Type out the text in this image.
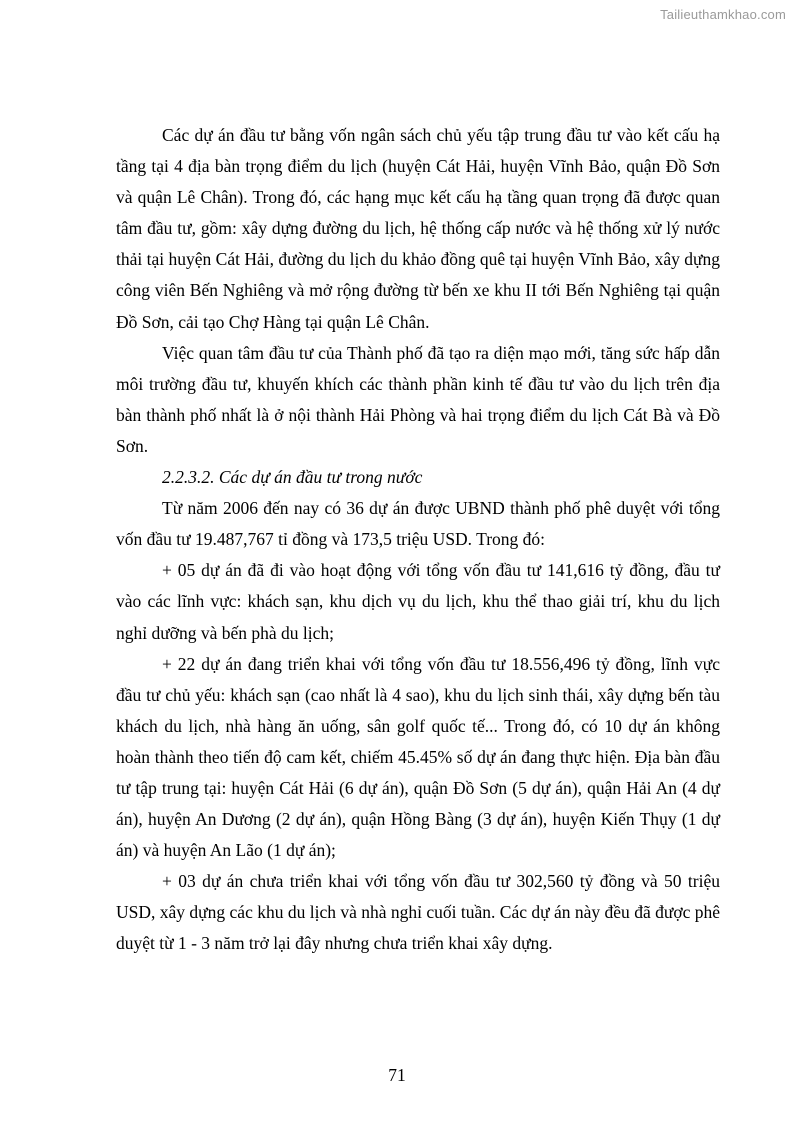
Tailieuthamkhao.com

Các dự án đầu tư bằng vốn ngân sách chủ yếu tập trung đầu tư vào kết cấu hạ tầng tại 4 địa bàn trọng điểm du lịch (huyện Cát Hải, huyện Vĩnh Bảo, quận Đồ Sơn và quận Lê Chân). Trong đó, các hạng mục kết cấu hạ tầng quan trọng đã được quan tâm đầu tư, gồm: xây dựng đường du lịch, hệ thống cấp nước và hệ thống xử lý nước thải tại huyện Cát Hải, đường du lịch du khảo đồng quê tại huyện Vĩnh Bảo, xây dựng công viên Bến Nghiêng và mở rộng đường từ bến xe khu II tới Bến Nghiêng tại quận Đồ Sơn, cải tạo Chợ Hàng tại quận Lê Chân.

Việc quan tâm đầu tư của Thành phố đã tạo ra diện mạo mới, tăng sức hấp dẫn môi trường đầu tư, khuyến khích các thành phần kinh tế đầu tư vào du lịch trên địa bàn thành phố nhất là ở nội thành Hải Phòng và hai trọng điểm du lịch Cát Bà và Đồ Sơn.

2.2.3.2. Các dự án đầu tư trong nước

Từ năm 2006 đến nay có 36 dự án được UBND thành phố phê duyệt với tổng vốn đầu tư 19.487,767 tỉ đồng và 173,5 triệu USD. Trong đó:

+ 05 dự án đã đi vào hoạt động với tổng vốn đầu tư 141,616 tỷ đồng, đầu tư vào các lĩnh vực: khách sạn, khu dịch vụ du lịch, khu thể thao giải trí, khu du lịch nghỉ dưỡng và bến phà du lịch;

+ 22 dự án đang triển khai với tổng vốn đầu tư 18.556,496 tỷ đồng, lĩnh vực đầu tư chủ yếu: khách sạn (cao nhất là 4 sao), khu du lịch sinh thái, xây dựng bến tàu khách du lịch, nhà hàng ăn uống, sân golf quốc tế... Trong đó, có 10 dự án không hoàn thành theo tiến độ cam kết, chiếm 45.45% số dự án đang thực hiện. Địa bàn đầu tư tập trung tại: huyện Cát Hải (6 dự án), quận Đồ Sơn (5 dự án), quận Hải An (4 dự án), huyện An Dương (2 dự án), quận Hồng Bàng (3 dự án), huyện Kiến Thụy (1 dự án) và huyện An Lão (1 dự án);

+ 03 dự án chưa triển khai với tổng vốn đầu tư 302,560 tỷ đồng và 50 triệu USD, xây dựng các khu du lịch và nhà nghỉ cuối tuần. Các dự án này đều đã được phê duyệt từ 1 - 3 năm trở lại đây nhưng chưa triển khai xây dựng.

71
